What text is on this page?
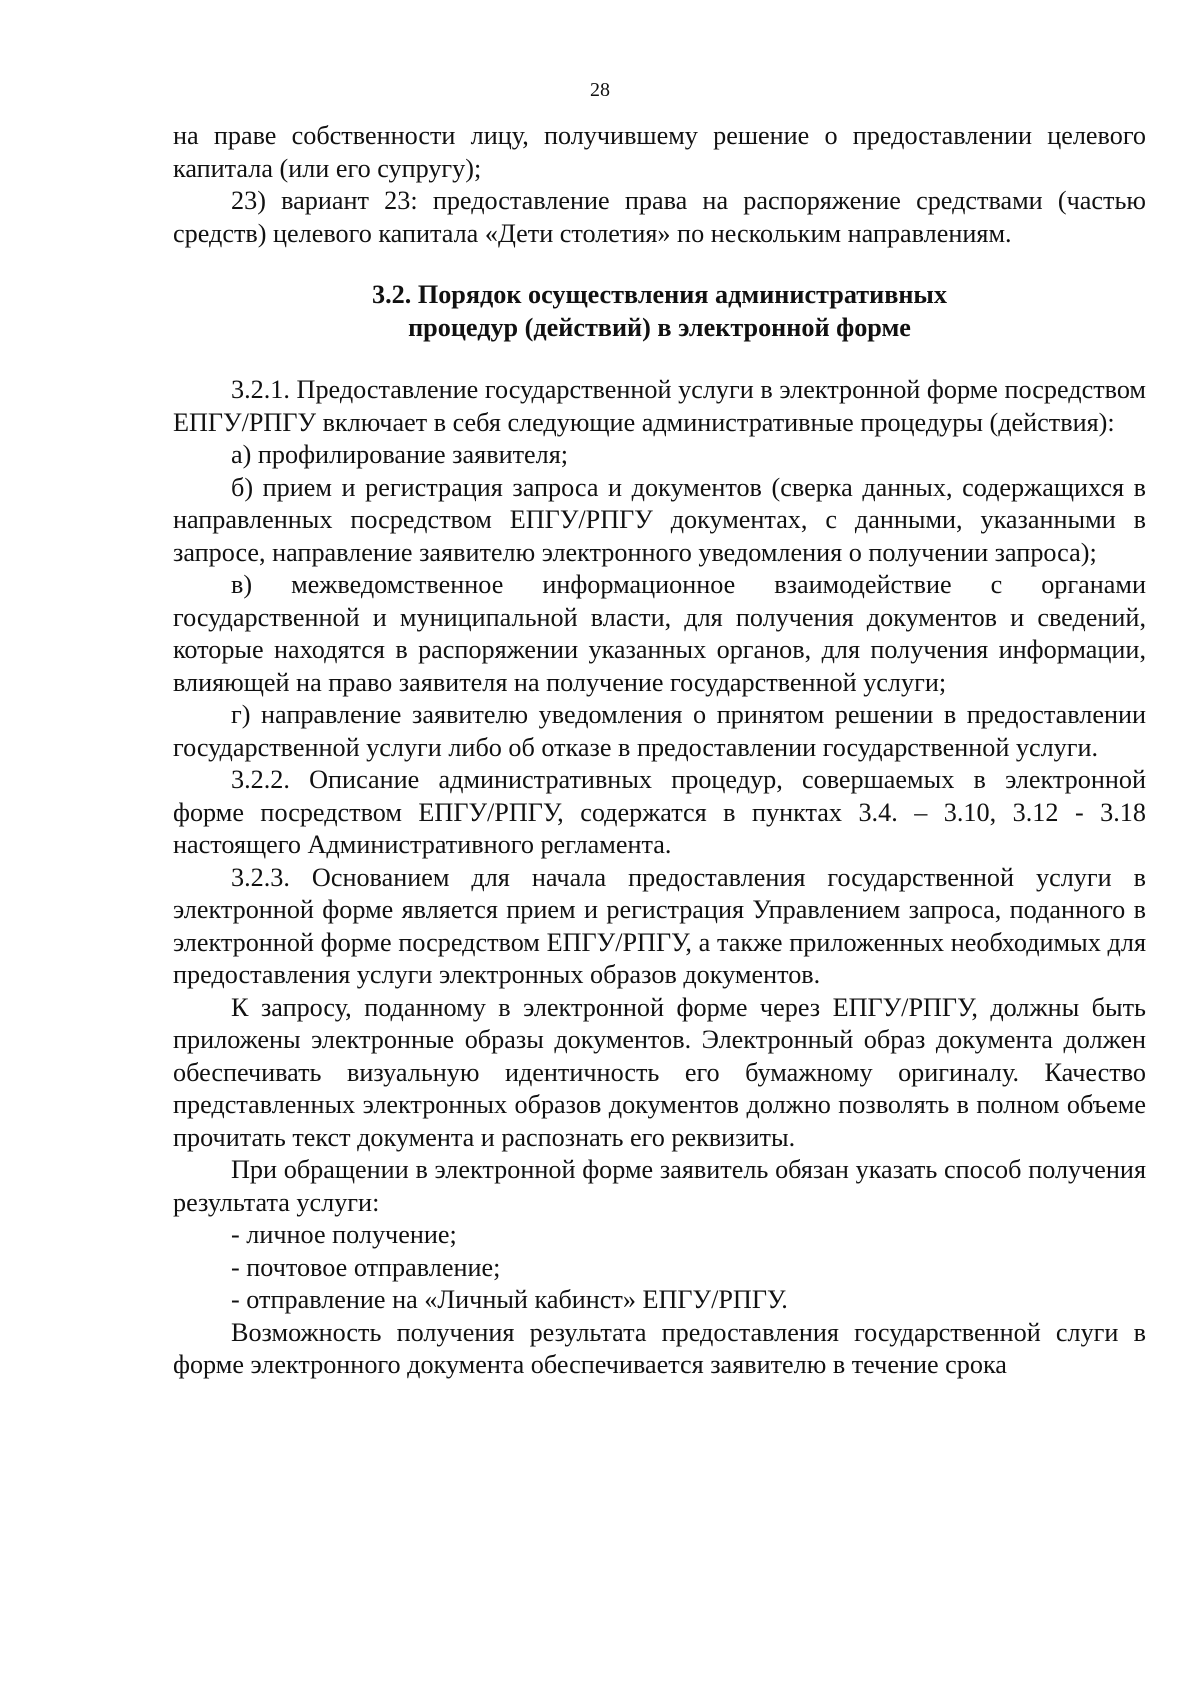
28

на праве собственности лицу, получившему решение о предоставлении целевого капитала (или его супругу);

23) вариант 23: предоставление права на распоряжение средствами (частью средств) целевого капитала «Дети столетия» по нескольким направлениям.

3.2. Порядок осуществления административных
процедур (действий) в электронной форме

3.2.1. Предоставление государственной услуги в электронной форме посредством ЕПГУ/РПГУ включает в себя следующие административные процедуры (действия):

а) профилирование заявителя;

б) прием и регистрация запроса и документов (сверка данных, содержащихся в направленных посредством ЕПГУ/РПГУ документах, с данными, указанными в запросе, направление заявителю электронного уведомления о получении запроса);

в) межведомственное информационное взаимодействие с органами государственной и муниципальной власти, для получения документов и сведений, которые находятся в распоряжении указанных органов, для получения информации, влияющей на право заявителя на получение государственной услуги;

г) направление заявителю уведомления о принятом решении в предоставлении государственной услуги либо об отказе в предоставлении государственной услуги.

3.2.2. Описание административных процедур, совершаемых в электронной форме посредством ЕПГУ/РПГУ, содержатся в пунктах 3.4. – 3.10, 3.12 - 3.18 настоящего Административного регламента.

3.2.3. Основанием для начала предоставления государственной услуги в электронной форме является прием и регистрация Управлением запроса, поданного в электронной форме посредством ЕПГУ/РПГУ, а также приложенных необходимых для предоставления услуги электронных образов документов.

К запросу, поданному в электронной форме через ЕПГУ/РПГУ, должны быть приложены электронные образы документов. Электронный образ документа должен обеспечивать визуальную идентичность его бумажному оригиналу. Качество представленных электронных образов документов должно позволять в полном объеме прочитать текст документа и распознать его реквизиты.

При обращении в электронной форме заявитель обязан указать способ получения результата услуги:

- личное получение;
- почтовое отправление;
- отправление на «Личный кабинст» ЕПГУ/РПГУ.

Возможность получения результата предоставления государственной слуги в форме электронного документа обеспечивается заявителю в течение срока
